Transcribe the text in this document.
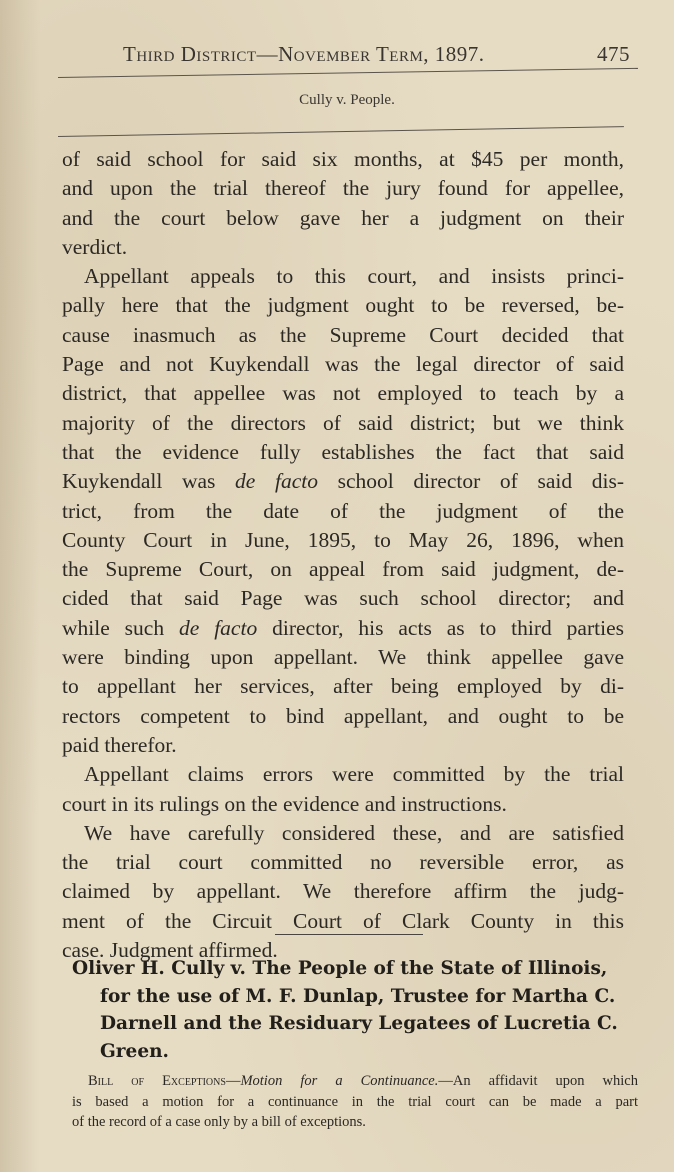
Third District—November Term, 1897.	475
Cully v. People.
of said school for said six months, at $45 per month,
and upon the trial thereof the jury found for appellee,
and the court below gave her a judgment on their
verdict.
Appellant appeals to this court, and insists princi-
pally here that the judgment ought to be reversed, be-
cause inasmuch as the Supreme Court decided that
Page and not Kuykendall was the legal director of said
district, that appellee was not employed to teach by a
majority of the directors of said district; but we think
that the evidence fully establishes the fact that said
Kuykendall was de facto school director of said dis-
trict, from the date of the judgment of the
County Court in June, 1895, to May 26, 1896, when
the Supreme Court, on appeal from said judgment, de-
cided that said Page was such school director; and
while such de facto director, his acts as to third parties
were binding upon appellant. We think appellee gave
to appellant her services, after being employed by di-
rectors competent to bind appellant, and ought to be
paid therefor.
Appellant claims errors were committed by the trial
court in its rulings on the evidence and instructions.
We have carefully considered these, and are satisfied
the trial court committed no reversible error, as
claimed by appellant. We therefore affirm the judg-
ment of the Circuit Court of Clark County in this
case. Judgment affirmed.
Oliver H. Cully v. The People of the State of Illinois,
for the use of M. F. Dunlap, Trustee for Martha C.
Darnell and the Residuary Legatees of Lucretia C.
Green.
Bill of Exceptions—Motion for a Continuance.—An affidavit upon which
is based a motion for a continuance in the trial court can be made a part
of the record of a case only by a bill of exceptions.
